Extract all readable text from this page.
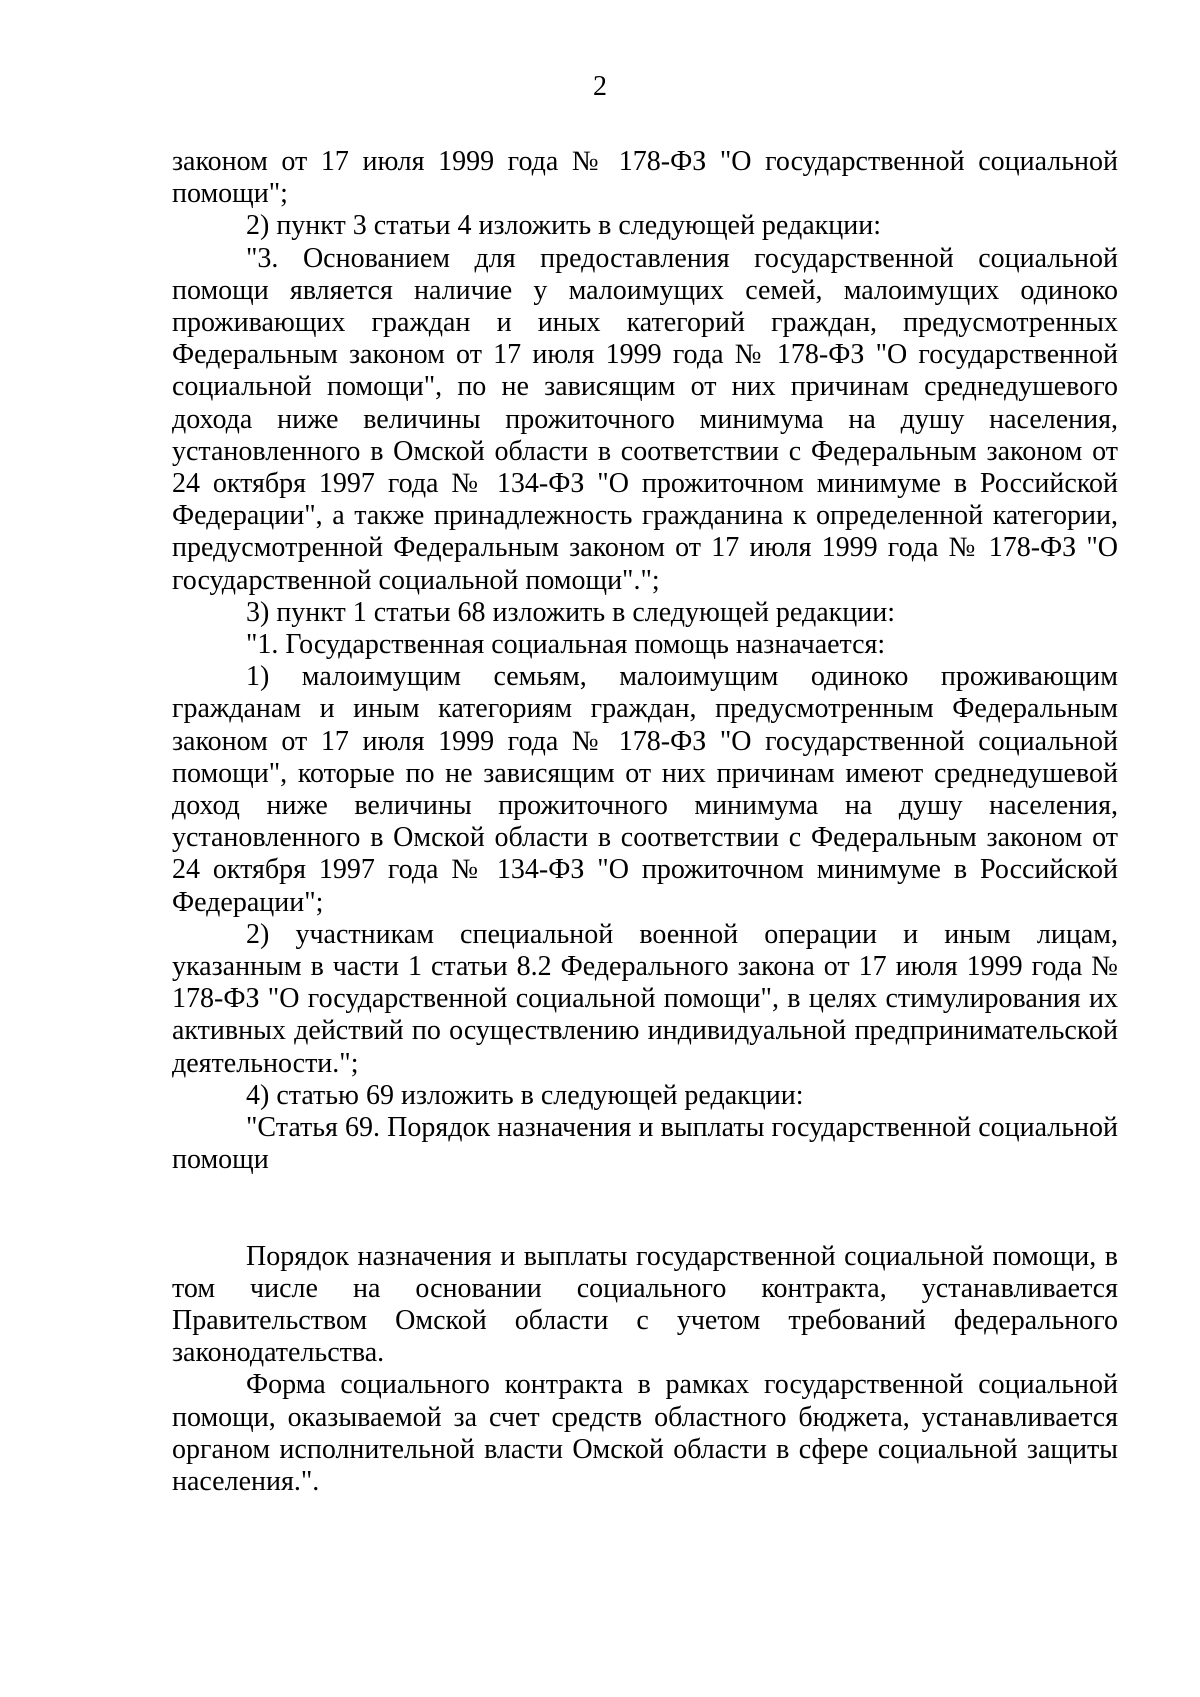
2

законом от 17 июля 1999 года № 178-ФЗ "О государственной социальной помощи";

2) пункт 3 статьи 4 изложить в следующей редакции:

"3. Основанием для предоставления государственной социальной помощи является наличие у малоимущих семей, малоимущих одиноко проживающих граждан и иных категорий граждан, предусмотренных Федеральным законом от 17 июля 1999 года № 178-ФЗ "О государственной социальной помощи", по не зависящим от них причинам среднедушевого дохода ниже величины прожиточного минимума на душу населения, установленного в Омской области в соответствии с Федеральным законом от 24 октября 1997 года № 134-ФЗ "О прожиточном минимуме в Российской Федерации", а также принадлежность гражданина к определенной категории, предусмотренной Федеральным законом от 17 июля 1999 года № 178-ФЗ "О государственной социальной помощи".";

3) пункт 1 статьи 68 изложить в следующей редакции:

"1. Государственная социальная помощь назначается:

1) малоимущим семьям, малоимущим одиноко проживающим гражданам и иным категориям граждан, предусмотренным Федеральным законом от 17 июля 1999 года № 178-ФЗ "О государственной социальной помощи", которые по не зависящим от них причинам имеют среднедушевой доход ниже величины прожиточного минимума на душу населения, установленного в Омской области в соответствии с Федеральным законом от 24 октября 1997 года № 134-ФЗ "О прожиточном минимуме в Российской Федерации";

2) участникам специальной военной операции и иным лицам, указанным в части 1 статьи 8.2 Федерального закона от 17 июля 1999 года № 178-ФЗ "О государственной социальной помощи", в целях стимулирования их активных действий по осуществлению индивидуальной предпринимательской деятельности.";

4) статью 69 изложить в следующей редакции:

"Статья 69. Порядок назначения и выплаты государственной социальной помощи

Порядок назначения и выплаты государственной социальной помощи, в том числе на основании социального контракта, устанавливается Правительством Омской области с учетом требований федерального законодательства.

Форма социального контракта в рамках государственной социальной помощи, оказываемой за счет средств областного бюджета, устанавливается органом исполнительной власти Омской области в сфере социальной защиты населения.".
